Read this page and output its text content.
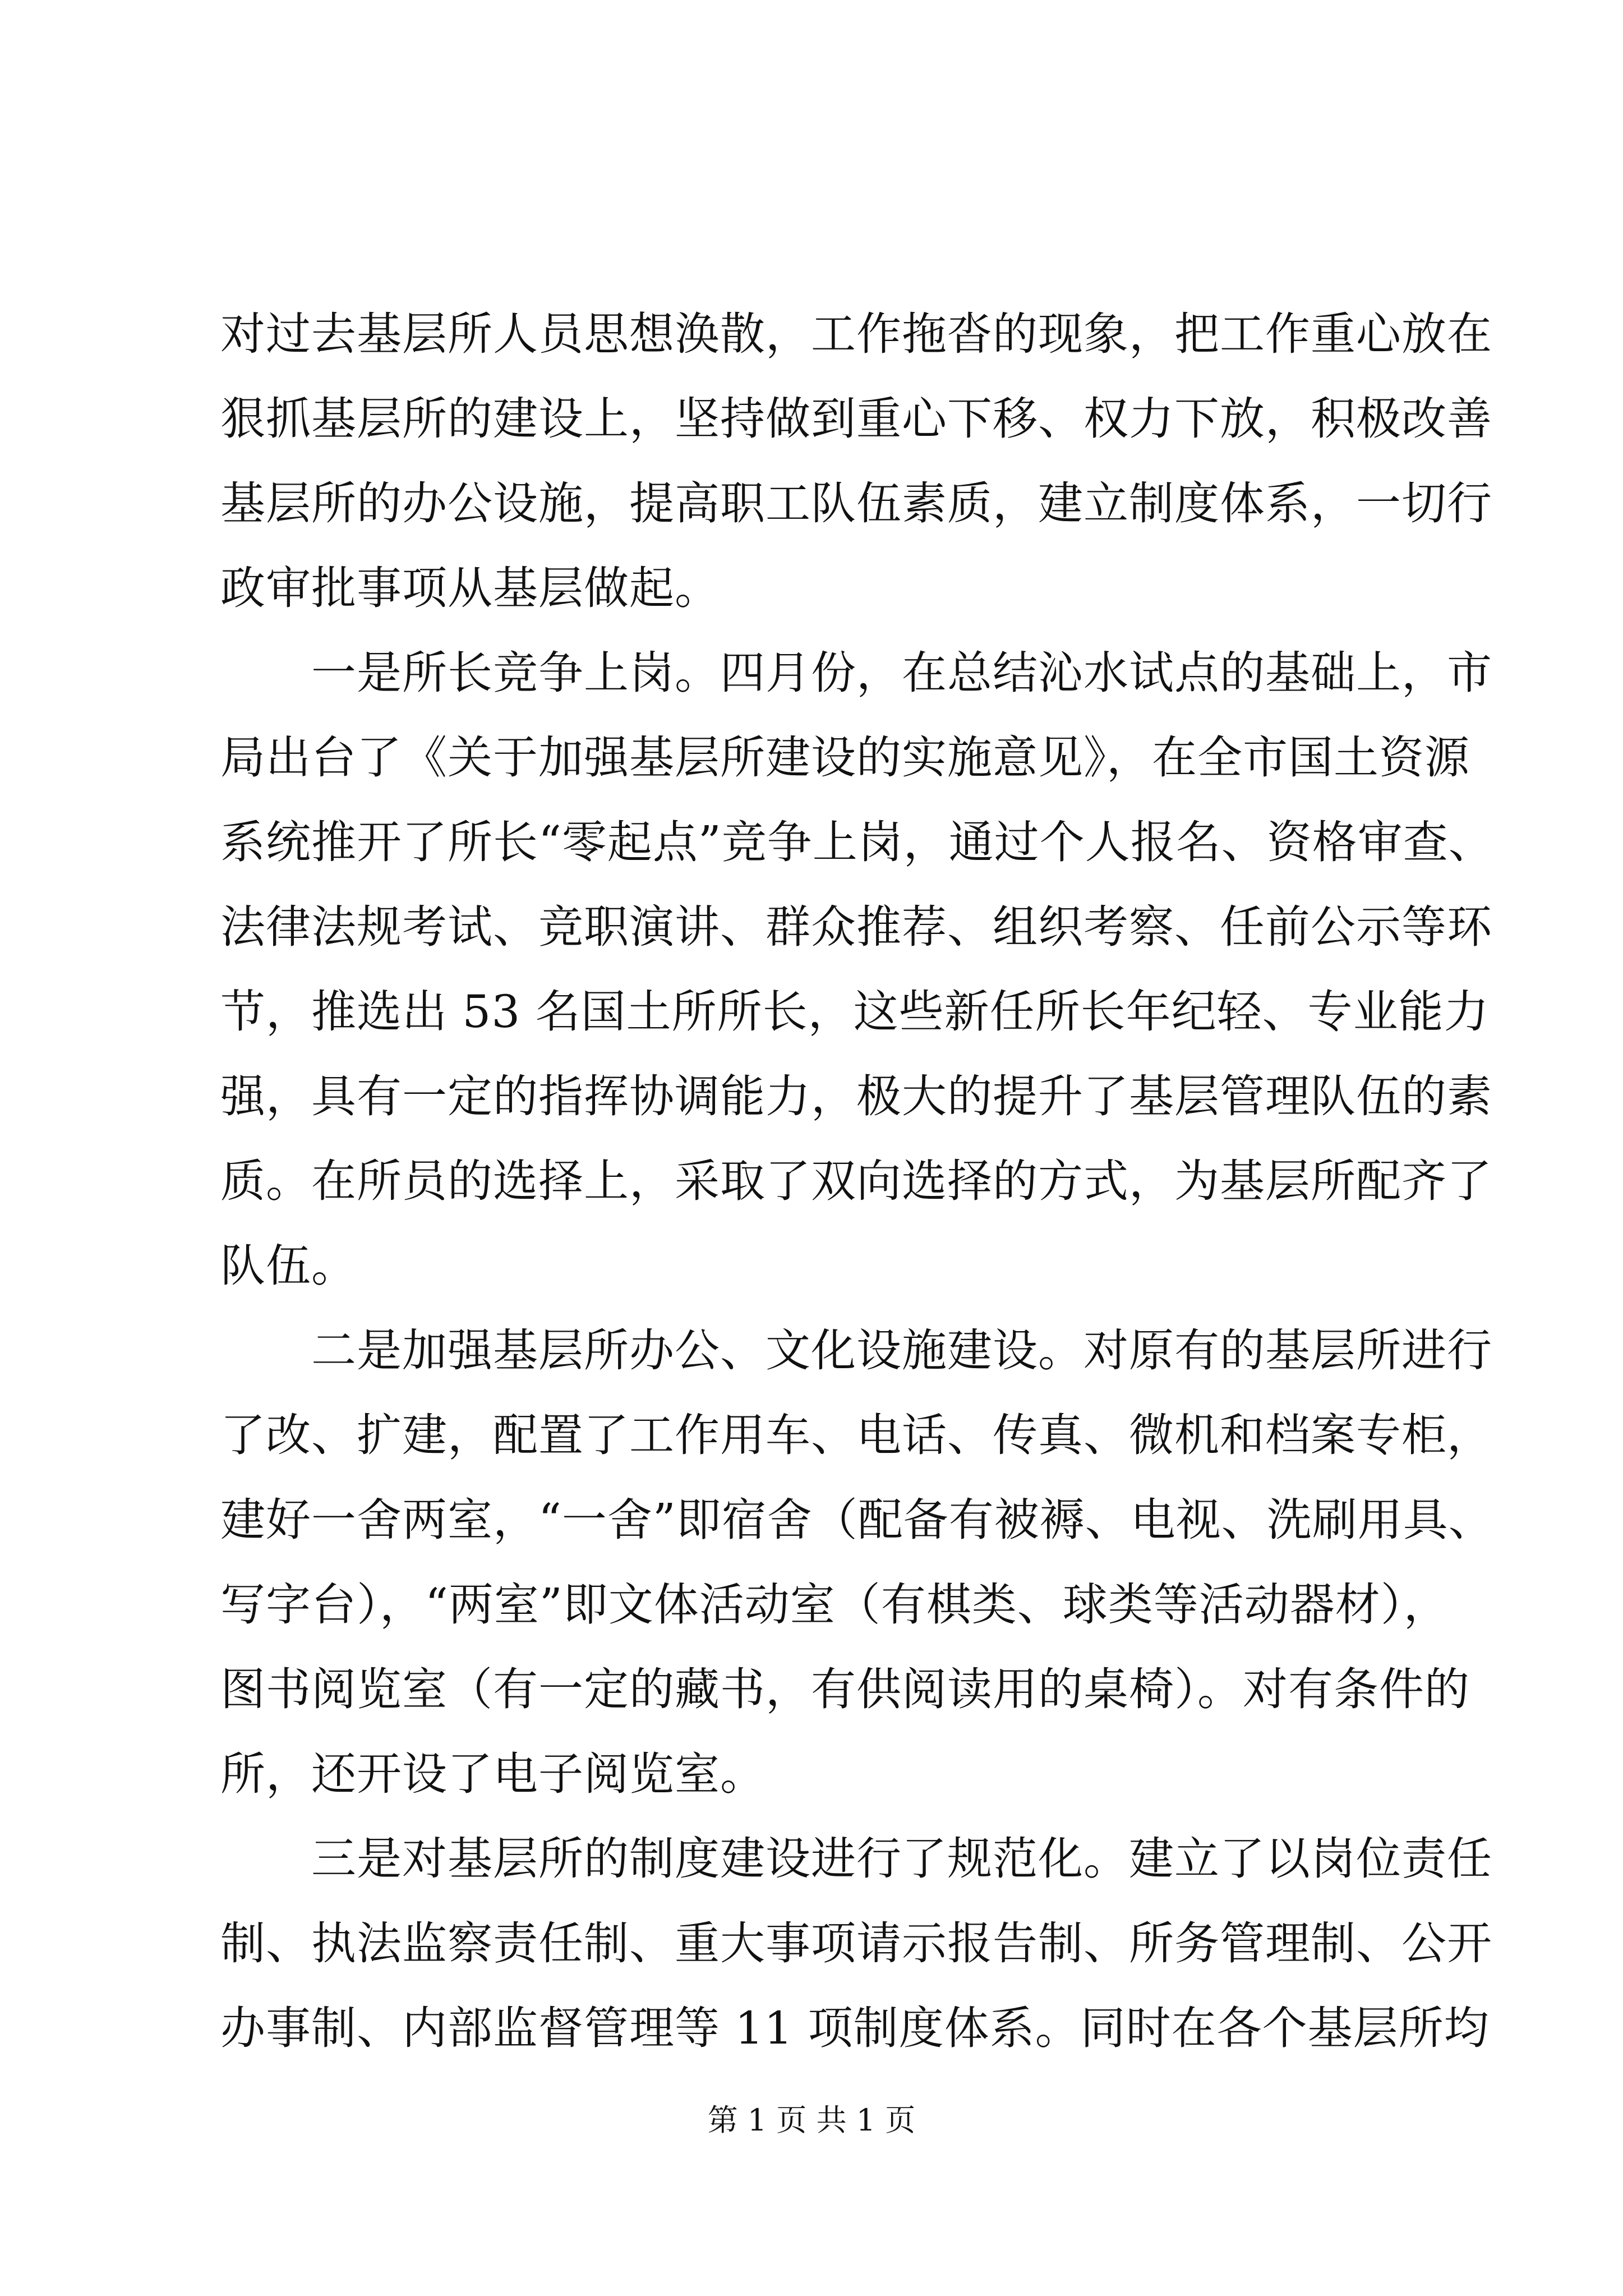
对过去基层所人员思想涣散，工作拖沓的现象，把工作重心放在
狠抓基层所的建设上，坚持做到重心下移、权力下放，积极改善
基层所的办公设施，提高职工队伍素质，建立制度体系，一切行
政审批事项从基层做起。
一是所长竞争上岗。四月份，在总结沁水试点的基础上，市
局出台了《关于加强基层所建设的实施意见》，在全市国土资源
系统推开了所长“零起点”竞争上岗，通过个人报名、资格审查、
法律法规考试、竞职演讲、群众推荐、组织考察、任前公示等环
节，推选出 53 名国土所所长，这些新任所长年纪轻、专业能力
强，具有一定的指挥协调能力，极大的提升了基层管理队伍的素
质。在所员的选择上，采取了双向选择的方式，为基层所配齐了
队伍。
二是加强基层所办公、文化设施建设。对原有的基层所进行
了改、扩建，配置了工作用车、电话、传真、微机和档案专柜，
建好一舍两室，“一舍”即宿舍（配备有被褥、电视、洗刷用具、
写字台），“两室”即文体活动室（有棋类、球类等活动器材），
图书阅览室（有一定的藏书，有供阅读用的桌椅）。对有条件的
所，还开设了电子阅览室。
三是对基层所的制度建设进行了规范化。建立了以岗位责任
制、执法监察责任制、重大事项请示报告制、所务管理制、公开
办事制、内部监督管理等 11 项制度体系。同时在各个基层所均
第 1 页 共 1 页
